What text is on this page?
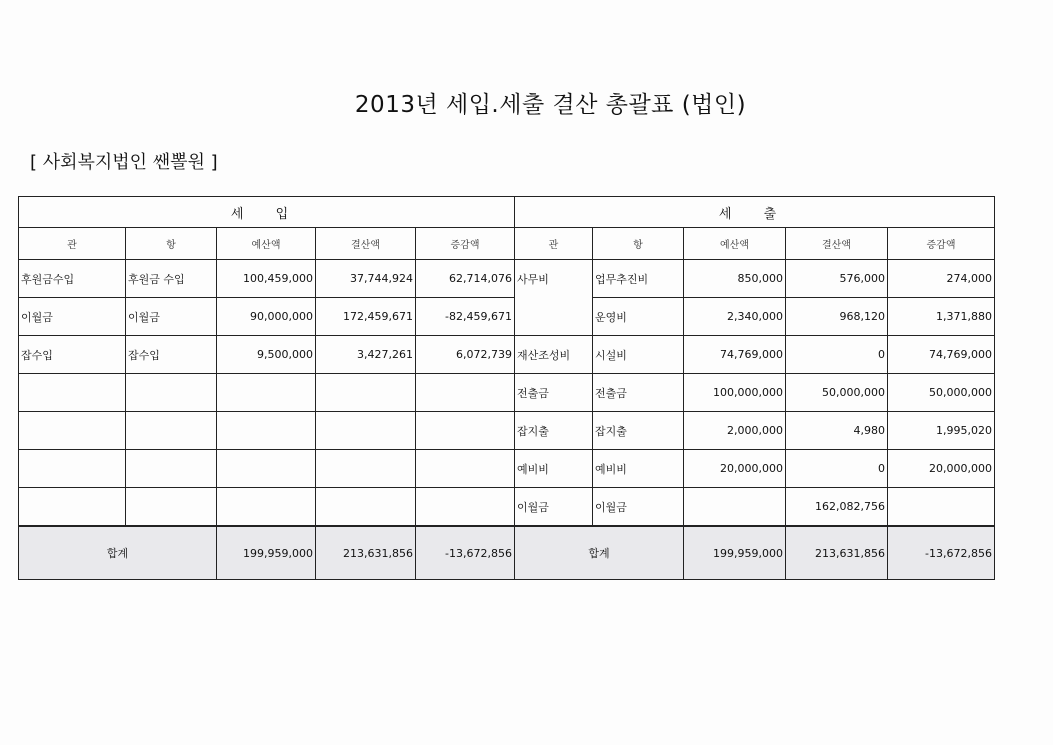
2013년 세입.세출 결산 총괄표 (법인)
[ 사회복지법인 쌘뽈원 ]
세 입					세 출				
관	항	예산액	결산액	증감액	관	항	예산액	결산액	증감액
후원금수입	후원금 수입	100,459,000	37,744,924	62,714,076	사무비	업무추진비	850,000	576,000	274,000
이월금	이월금	90,000,000	172,459,671	-82,459,671		운영비	2,340,000	968,120	1,371,880
잡수입	잡수입	9,500,000	3,427,261	6,072,739	재산조성비	시설비	74,769,000	0	74,769,000
					전출금	전출금	100,000,000	50,000,000	50,000,000
					잡지출	잡지출	2,000,000	4,980	1,995,020
					예비비	예비비	20,000,000	0	20,000,000
					이월금	이월금		162,082,756	
합계		199,959,000	213,631,856	-13,672,856	합계		199,959,000	213,631,856	-13,672,856
